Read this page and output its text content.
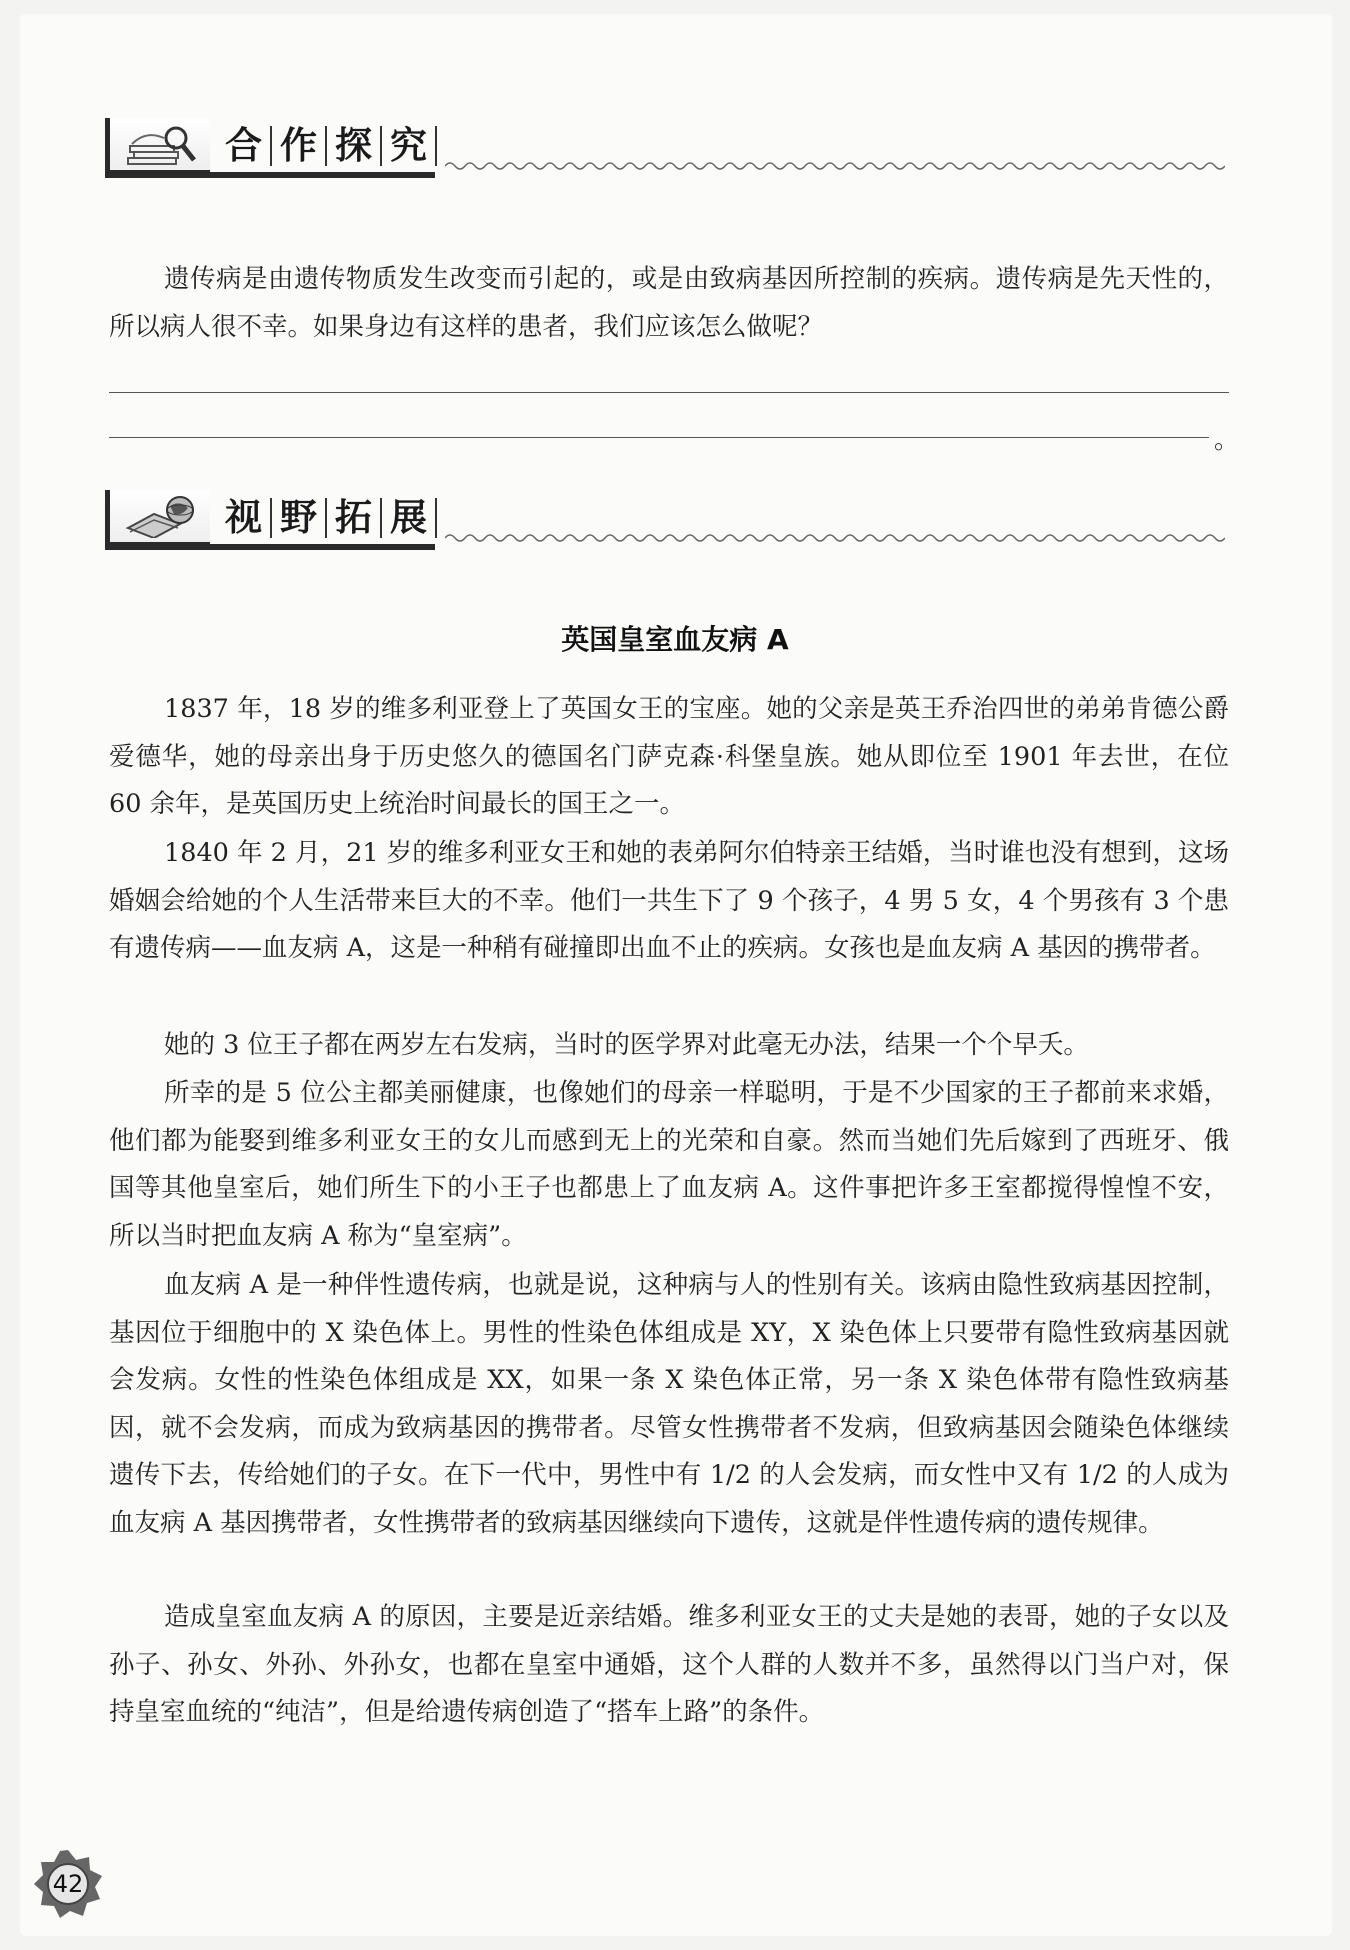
合 作 探 究

遗传病是由遗传物质发生改变而引起的，或是由致病基因所控制的疾病。遗传病是先天性的，所以病人很不幸。如果身边有这样的患者，我们应该怎么做呢？

。
视 野 拓 展
英国皇室血友病 A

1837 年，18 岁的维多利亚登上了英国女王的宝座。她的父亲是英王乔治四世的弟弟肯德公爵爱德华，她的母亲出身于历史悠久的德国名门萨克森·科堡皇族。她从即位至 1901 年去世，在位 60 余年，是英国历史上统治时间最长的国王之一。

1840 年 2 月，21 岁的维多利亚女王和她的表弟阿尔伯特亲王结婚，当时谁也没有想到，这场婚姻会给她的个人生活带来巨大的不幸。他们一共生下了 9 个孩子，4 男 5 女，4 个男孩有 3 个患有遗传病——血友病 A，这是一种稍有碰撞即出血不止的疾病。女孩也是血友病 A 基因的携带者。

她的 3 位王子都在两岁左右发病，当时的医学界对此毫无办法，结果一个个早夭。

所幸的是 5 位公主都美丽健康，也像她们的母亲一样聪明，于是不少国家的王子都前来求婚，他们都为能娶到维多利亚女王的女儿而感到无上的光荣和自豪。然而当她们先后嫁到了西班牙、俄国等其他皇室后，她们所生下的小王子也都患上了血友病 A。这件事把许多王室都搅得惶惶不安，所以当时把血友病 A 称为“皇室病”。

血友病 A 是一种伴性遗传病，也就是说，这种病与人的性别有关。该病由隐性致病基因控制，基因位于细胞中的 X 染色体上。男性的性染色体组成是 XY，X 染色体上只要带有隐性致病基因就会发病。女性的性染色体组成是 XX，如果一条 X 染色体正常，另一条 X 染色体带有隐性致病基因，就不会发病，而成为致病基因的携带者。尽管女性携带者不发病，但致病基因会随染色体继续遗传下去，传给她们的子女。在下一代中，男性中有 1/2 的人会发病，而女性中又有 1/2 的人成为血友病 A 基因携带者，女性携带者的致病基因继续向下遗传，这就是伴性遗传病的遗传规律。

造成皇室血友病 A 的原因，主要是近亲结婚。维多利亚女王的丈夫是她的表哥，她的子女以及孙子、孙女、外孙、外孙女，也都在皇室中通婚，这个人群的人数并不多，虽然得以门当户对，保持皇室血统的“纯洁”，但是给遗传病创造了“搭车上路”的条件。

42
